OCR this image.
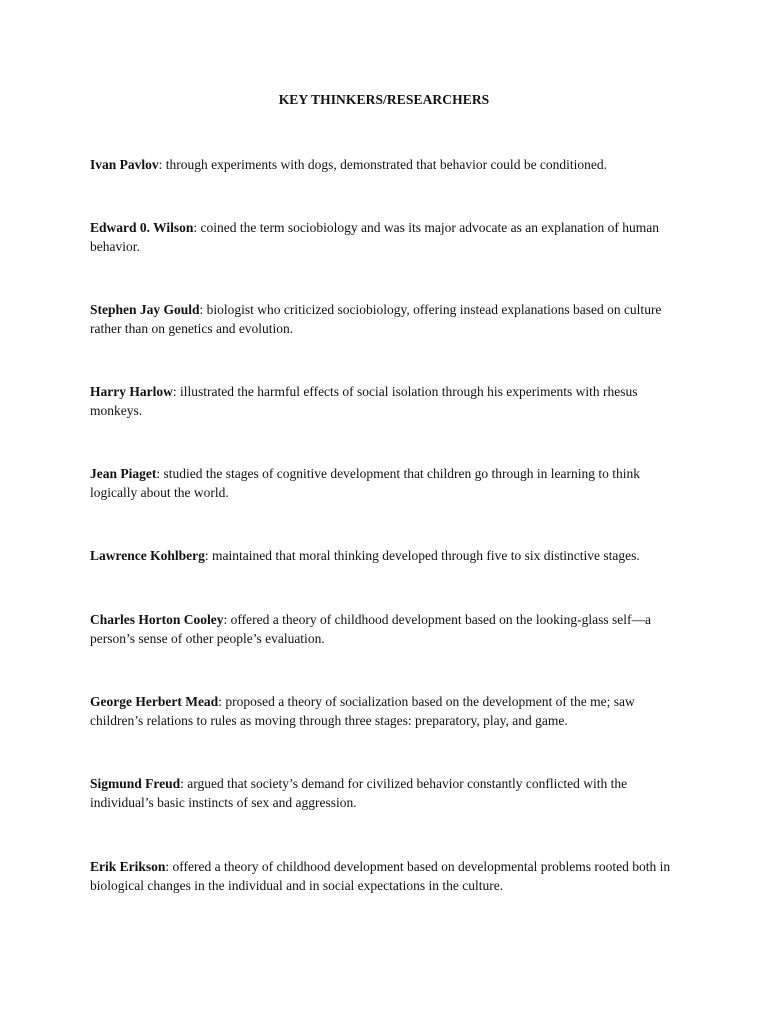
KEY THINKERS/RESEARCHERS
Ivan Pavlov: through experiments with dogs, demonstrated that behavior could be conditioned.
Edward 0. Wilson: coined the term sociobiology and was its major advocate as an explanation of human behavior.
Stephen Jay Gould: biologist who criticized sociobiology, offering instead explanations based on culture rather than on genetics and evolution.
Harry Harlow: illustrated the harmful effects of social isolation through his experiments with rhesus monkeys.
Jean Piaget: studied the stages of cognitive development that children go through in learning to think logically about the world.
Lawrence Kohlberg: maintained that moral thinking developed through five to six distinctive stages.
Charles Horton Cooley: offered a theory of childhood development based on the looking-glass self—a person’s sense of other people’s evaluation.
George Herbert Mead: proposed a theory of socialization based on the development of the me; saw children’s relations to rules as moving through three stages: preparatory, play, and game.
Sigmund Freud: argued that society’s demand for civilized behavior constantly conflicted with the individual’s basic instincts of sex and aggression.
Erik Erikson: offered a theory of childhood development based on developmental problems rooted both in biological changes in the individual and in social expectations in the culture.
